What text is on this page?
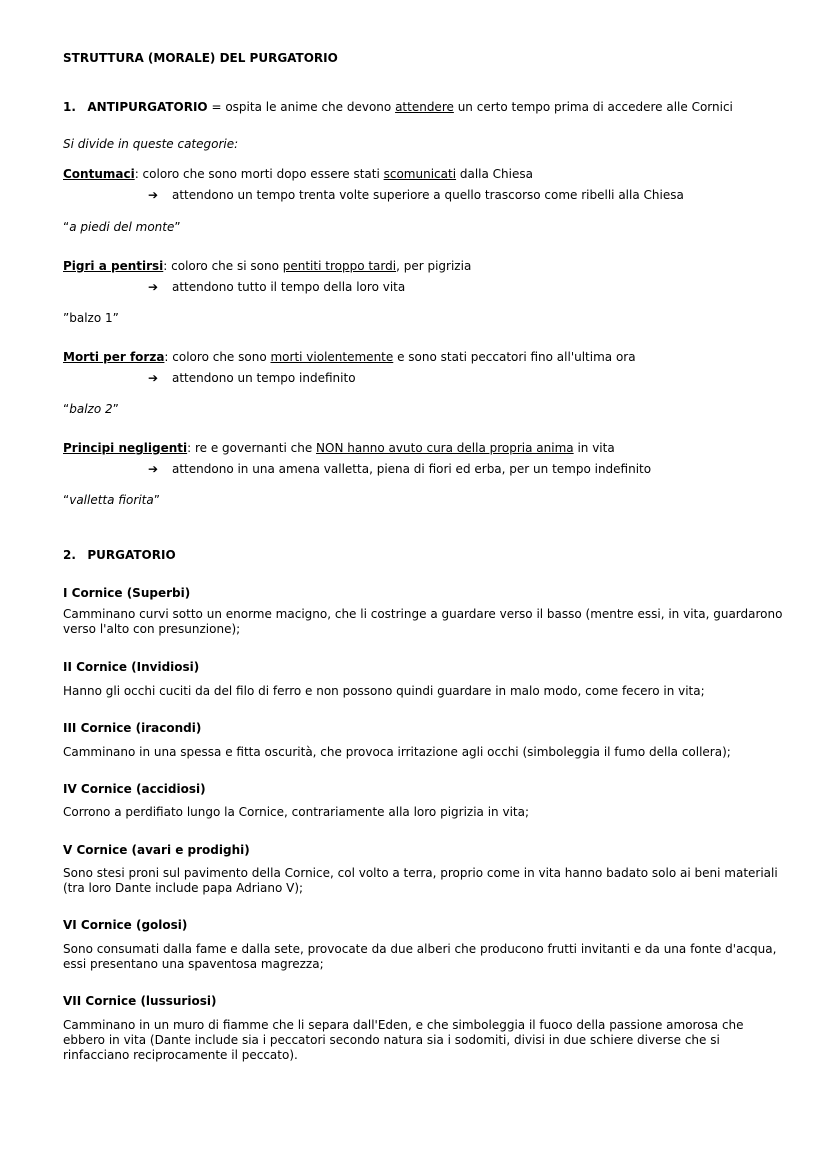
STRUTTURA (MORALE) DEL PURGATORIO
1. ANTIPURGATORIO = ospita le anime che devono attendere un certo tempo prima di accedere alle Cornici
Si divide in queste categorie:
Contumaci: coloro che sono morti dopo essere stati scomunicati dalla Chiesa
➔ attendono un tempo trenta volte superiore a quello trascorso come ribelli alla Chiesa
“a piedi del monte”
Pigri a pentirsi: coloro che si sono pentiti troppo tardi, per pigrizia
➔ attendono tutto il tempo della loro vita
”balzo 1”
Morti per forza: coloro che sono morti violentemente e sono stati peccatori fino all'ultima ora
➔ attendono un tempo indefinito
“balzo 2”
Principi negligenti: re e governanti che NON hanno avuto cura della propria anima in vita
➔ attendono in una amena valletta, piena di fiori ed erba, per un tempo indefinito
“valletta fiorita”
2. PURGATORIO
I Cornice (Superbi)
Camminano curvi sotto un enorme macigno, che li costringe a guardare verso il basso (mentre essi, in vita, guardarono verso l'alto con presunzione);
II Cornice (Invidiosi)
Hanno gli occhi cuciti da del filo di ferro e non possono quindi guardare in malo modo, come fecero in vita;
III Cornice (iracondi)
Camminano in una spessa e fitta oscurità, che provoca irritazione agli occhi (simboleggia il fumo della collera);
IV Cornice (accidiosi)
Corrono a perdifiato lungo la Cornice, contrariamente alla loro pigrizia in vita;
V Cornice (avari e prodighi)
Sono stesi proni sul pavimento della Cornice, col volto a terra, proprio come in vita hanno badato solo ai beni materiali (tra loro Dante include papa Adriano V);
VI Cornice (golosi)
Sono consumati dalla fame e dalla sete, provocate da due alberi che producono frutti invitanti e da una fonte d'acqua, essi presentano una spaventosa magrezza;
VII Cornice (lussuriosi)
Camminano in un muro di fiamme che li separa dall'Eden, e che simboleggia il fuoco della passione amorosa che ebbero in vita (Dante include sia i peccatori secondo natura sia i sodomiti, divisi in due schiere diverse che si rinfacciano reciprocamente il peccato).
